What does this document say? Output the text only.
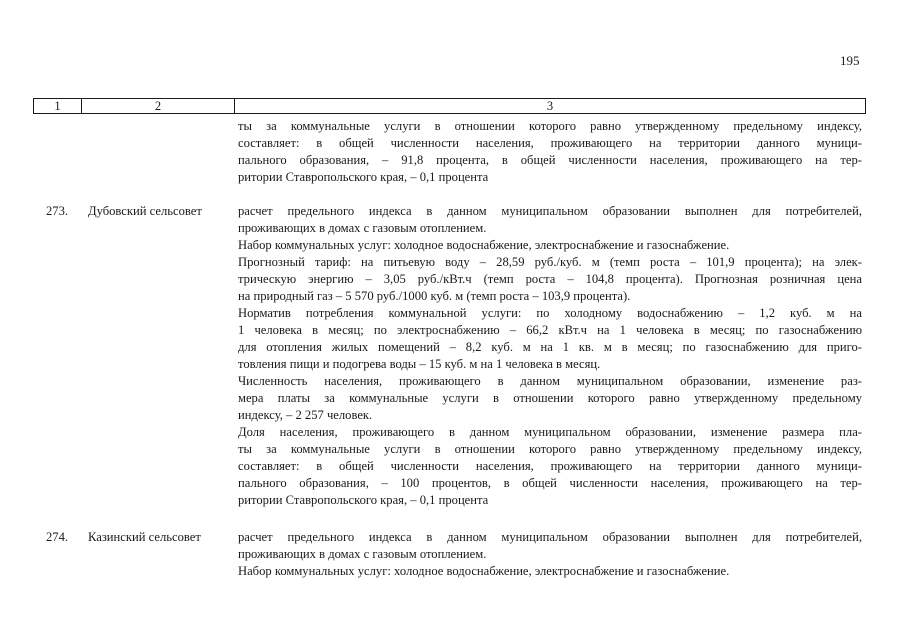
195
1	2	3
ты за коммунальные услуги в отношении которого равно утвержденному предельному индексу,
составляет: в общей численности населения, проживающего на территории данного муници-
пального образования, – 91,8 процента, в общей численности населения, проживающего на тер-
ритории Ставропольского края, – 0,1 процента
273. Дубовский сельсовет	расчет предельного индекса в данном муниципальном образовании выполнен для потребителей,
проживающих в домах с газовым отоплением.
Набор коммунальных услуг: холодное водоснабжение, электроснабжение и газоснабжение.
Прогнозный тариф: на питьевую воду – 28,59 руб./куб. м (темп роста – 101,9 процента); на элек-
трическую энергию – 3,05 руб./кВт.ч (темп роста – 104,8 процента). Прогнозная розничная цена
на природный газ – 5 570 руб./1000 куб. м (темп роста – 103,9 процента).
Норматив потребления коммунальной услуги: по холодному водоснабжению – 1,2 куб. м на
1 человека в месяц; по электроснабжению – 66,2 кВт.ч на 1 человека в месяц; по газоснабжению
для отопления жилых помещений – 8,2 куб. м на 1 кв. м в месяц; по газоснабжению для приго-
товления пищи и подогрева воды – 15 куб. м на 1 человека в месяц.
Численность населения, проживающего в данном муниципальном образовании, изменение раз-
мера платы за коммунальные услуги в отношении которого равно утвержденному предельному
индексу, – 2 257 человек.
Доля населения, проживающего в данном муниципальном образовании, изменение размера пла-
ты за коммунальные услуги в отношении которого равно утвержденному предельному индексу,
составляет: в общей численности населения, проживающего на территории данного муници-
пального образования, – 100 процентов, в общей численности населения, проживающего на тер-
ритории Ставропольского края, – 0,1 процента
274. Казинский сельсовет	расчет предельного индекса в данном муниципальном образовании выполнен для потребителей,
проживающих в домах с газовым отоплением.
Набор коммунальных услуг: холодное водоснабжение, электроснабжение и газоснабжение.
